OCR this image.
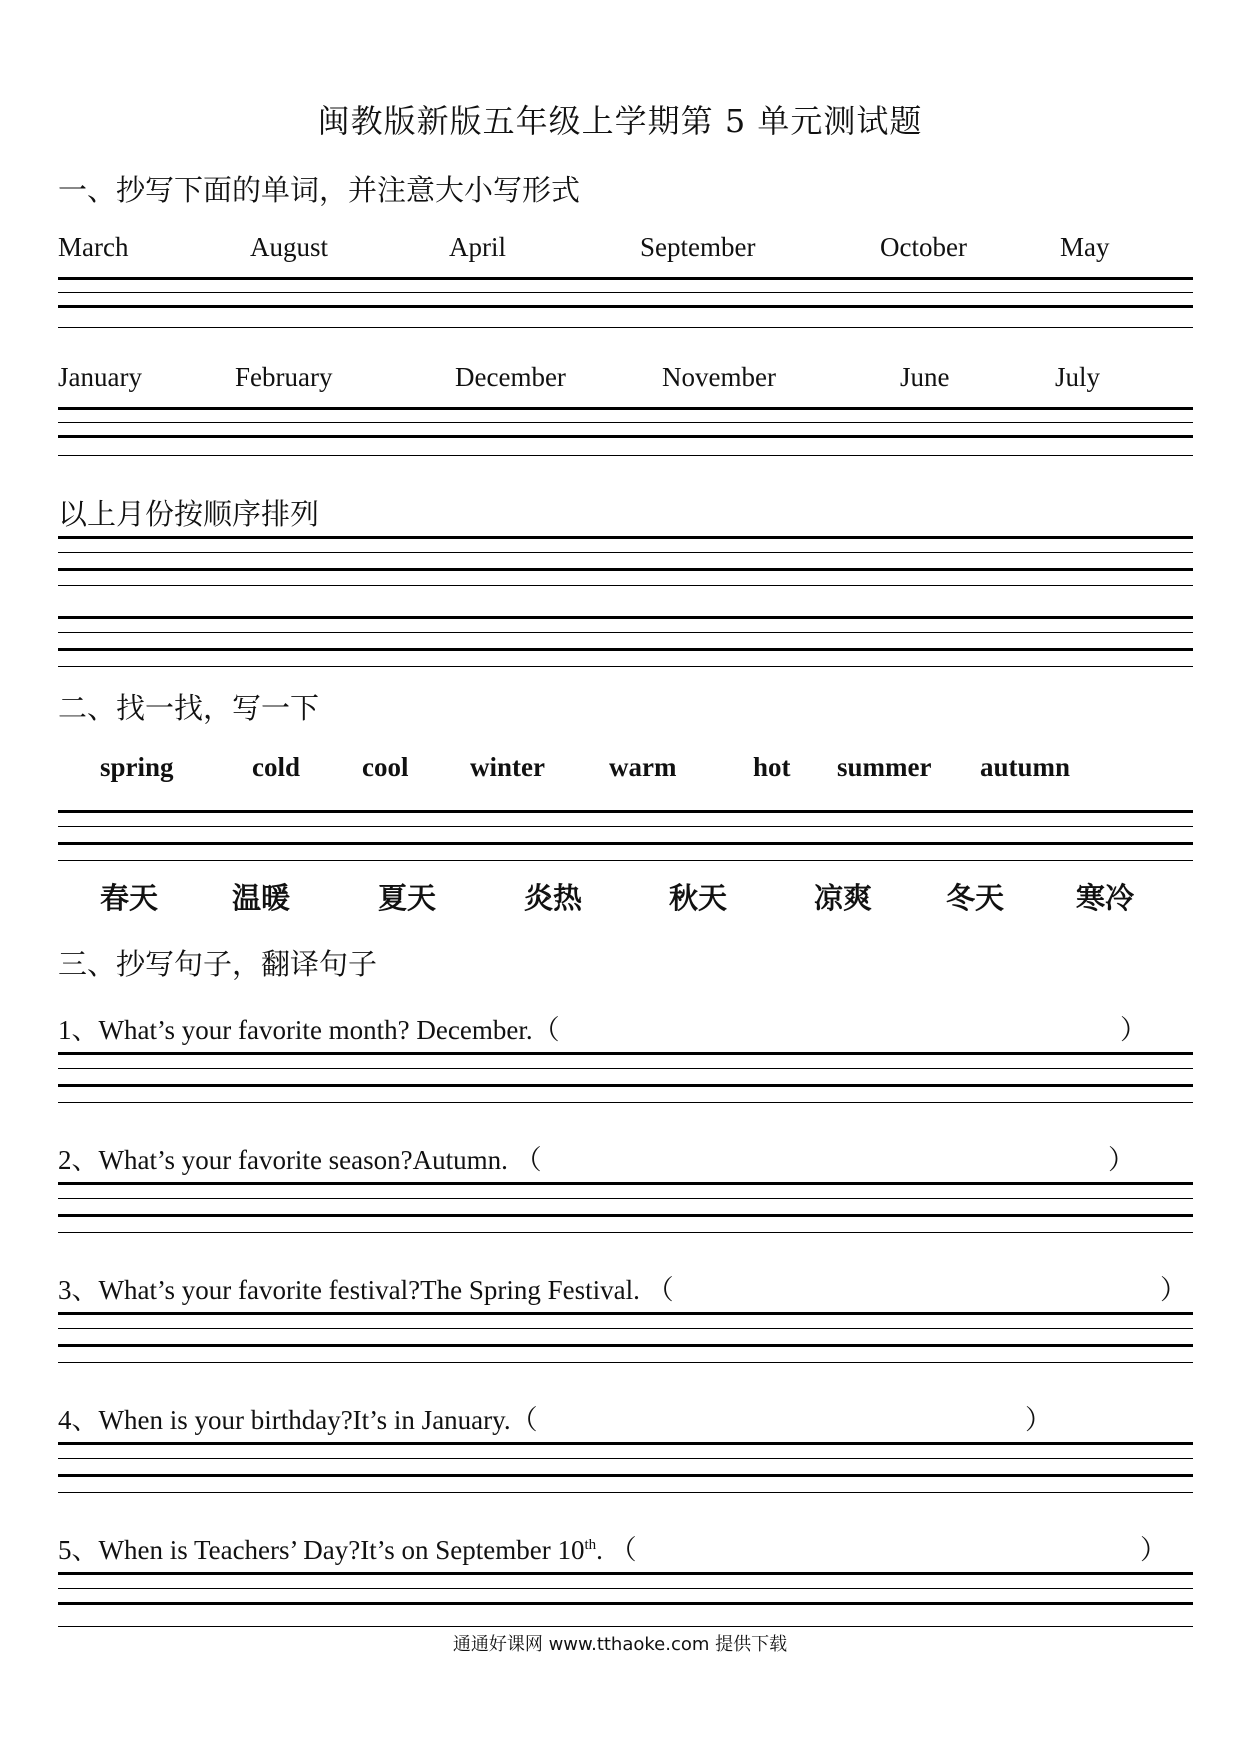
闽教版新版五年级上学期第 5 单元测试题
一、抄写下面的单词，并注意大小写形式
March	August	April	September	October	May
January	February	December	November	June	July
以上月份按顺序排列
二、找一找，写一下
spring	cold cool winter warm	hot summer autumn
春天	温暖	夏天	炎热	秋天	凉爽	冬天 寒冷
三、抄写句子，翻译句子
1、What’s your favorite month? December.（	）
2、What’s your favorite season?Autumn. （	）
3、What’s your favorite festival?The Spring Festival. （	）
4、When is your birthday?It’s in January.（	）
5、When is Teachers’ Day?It’s on September 10th. （	）
通通好课网 www.tthaoke.com 提供下载
